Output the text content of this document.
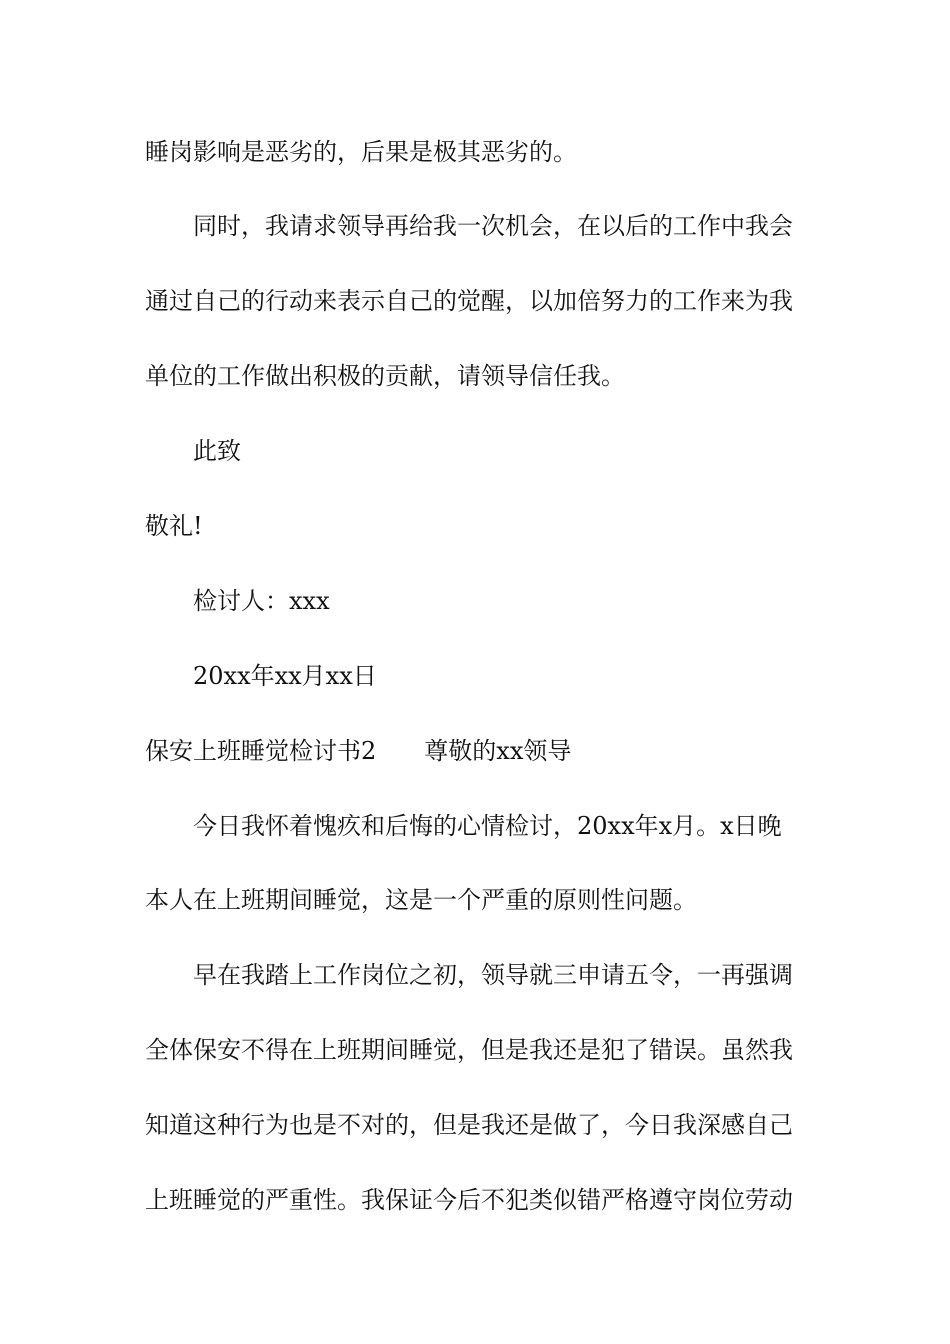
睡岗影响是恶劣的，后果是极其恶劣的。
同时，我请求领导再给我一次机会，在以后的工作中我会
通过自己的行动来表示自己的觉醒，以加倍努力的工作来为我
单位的工作做出积极的贡献，请领导信任我。
此致
敬礼!
检讨人：xxx
20xx年xx月xx日
保安上班睡觉检讨书2 尊敬的xx领导
今日我怀着愧疚和后悔的心情检讨，20xx年x月。x日晚
本人在上班期间睡觉，这是一个严重的原则性问题。
早在我踏上工作岗位之初，领导就三申请五令，一再强调
全体保安不得在上班期间睡觉，但是我还是犯了错误。虽然我
知道这种行为也是不对的，但是我还是做了，今日我深感自己
上班睡觉的严重性。我保证今后不犯类似错严格遵守岗位劳动
